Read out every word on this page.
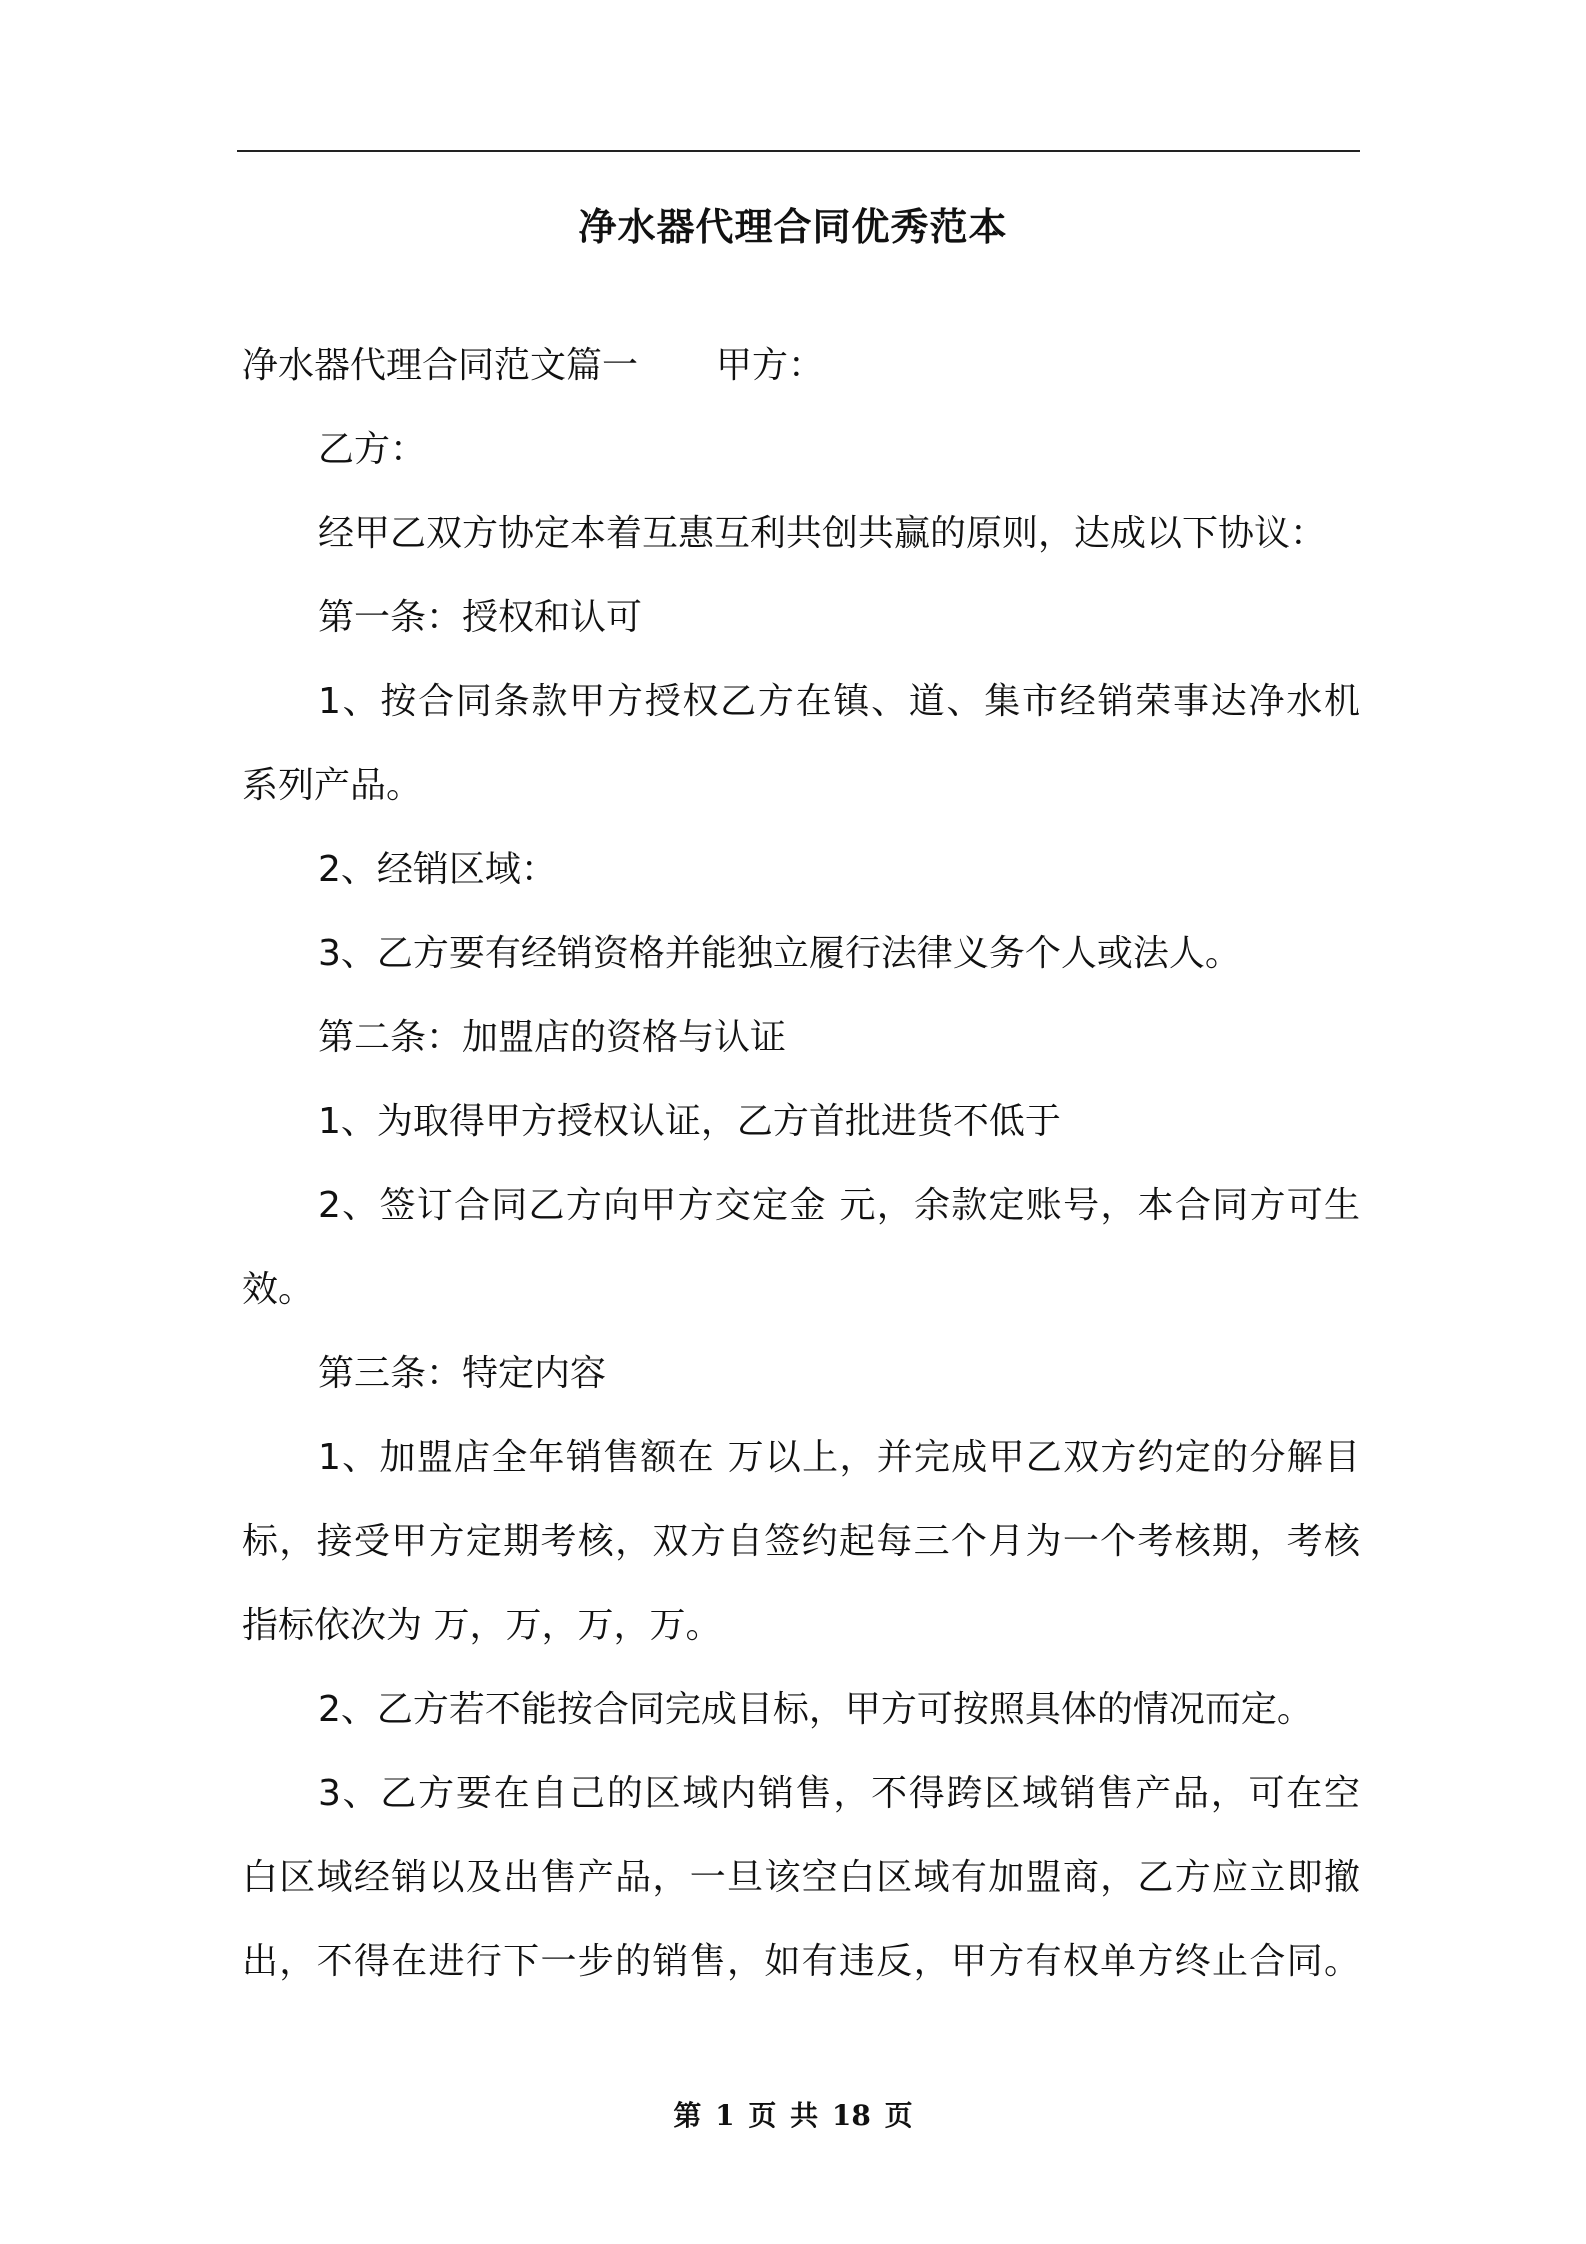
净水器代理合同优秀范本
净水器代理合同范文篇一 甲方：
乙方：
经甲乙双方协定本着互惠互利共创共赢的原则，达成以下协议：
第一条：授权和认可
1、按合同条款甲方授权乙方在镇、道、集市经销荣事达净水机
系列产品。
2、经销区域：
3、乙方要有经销资格并能独立履行法律义务个人或法人。
第二条：加盟店的资格与认证
1、为取得甲方授权认证，乙方首批进货不低于
2、签订合同乙方向甲方交定金 元，余款定账号，本合同方可生
效。
第三条：特定内容
1、加盟店全年销售额在 万以上，并完成甲乙双方约定的分解目
标，接受甲方定期考核，双方自签约起每三个月为一个考核期，考核
指标依次为 万，万，万，万。
2、乙方若不能按合同完成目标，甲方可按照具体的情况而定。
3、乙方要在自己的区域内销售，不得跨区域销售产品，可在空
白区域经销以及出售产品，一旦该空白区域有加盟商，乙方应立即撤
出，不得在进行下一步的销售，如有违反，甲方有权单方终止合同。
第 1 页 共 18 页
